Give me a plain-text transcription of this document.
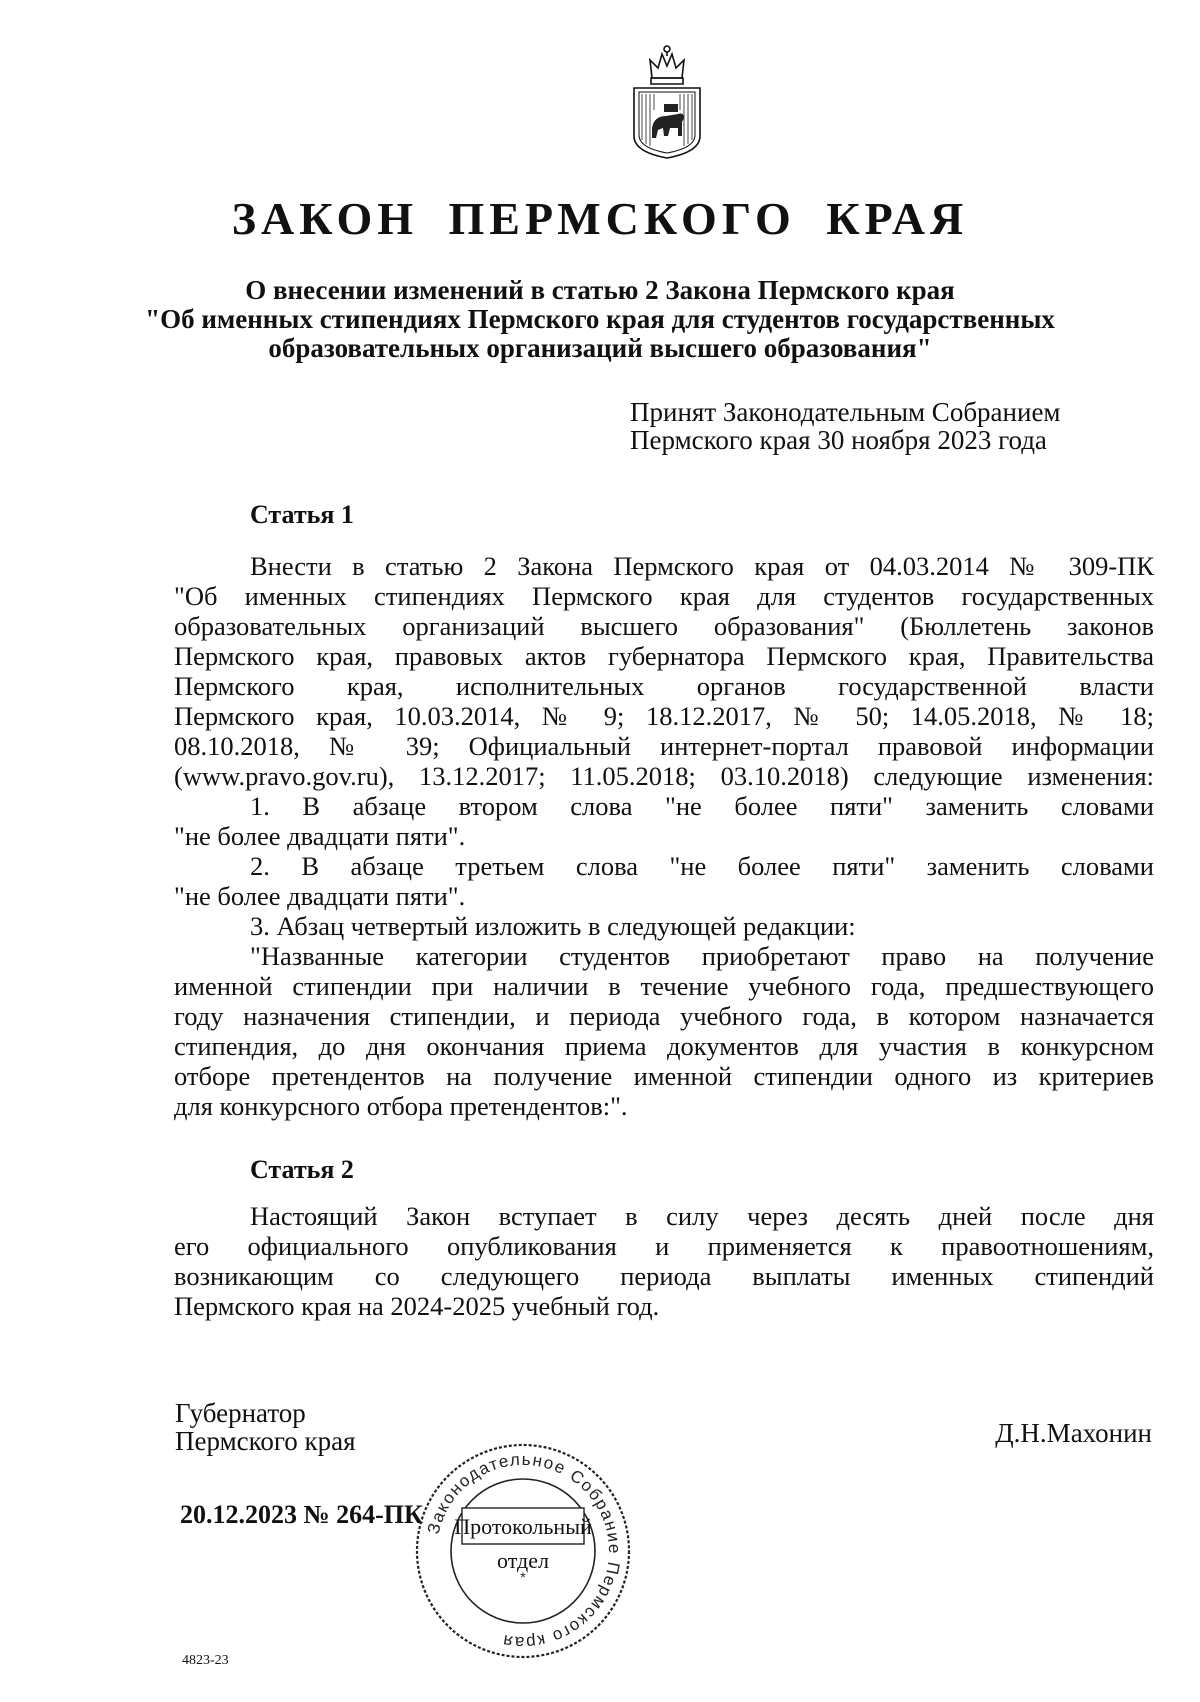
ЗАКОН ПЕРМСКОГО КРАЯ
О внесении изменений в статью 2 Закона Пермского края
"Об именных стипендиях Пермского края для студентов государственных
образовательных организаций высшего образования"
Принят Законодательным Собранием
Пермского края 30 ноября 2023 года
Статья 1
Внести в статью 2 Закона Пермского края от 04.03.2014 № 309-ПК
"Об именных стипендиях Пермского края для студентов государственных
образовательных организаций высшего образования" (Бюллетень законов
Пермского края, правовых актов губернатора Пермского края, Правительства
Пермского края, исполнительных органов государственной власти
Пермского края, 10.03.2014, № 9; 18.12.2017, № 50; 14.05.2018, № 18;
08.10.2018, № 39; Официальный интернет-портал правовой информации
(www.pravo.gov.ru), 13.12.2017; 11.05.2018; 03.10.2018) следующие изменения:
1. В абзаце втором слова "не более пяти" заменить словами
"не более двадцати пяти".
2. В абзаце третьем слова "не более пяти" заменить словами
"не более двадцати пяти".
3. Абзац четвертый изложить в следующей редакции:
"Названные категории студентов приобретают право на получение
именной стипендии при наличии в течение учебного года, предшествующего
году назначения стипендии, и периода учебного года, в котором назначается
стипендия, до дня окончания приема документов для участия в конкурсном
отборе претендентов на получение именной стипендии одного из критериев
для конкурсного отбора претендентов:".
Статья 2
Настоящий Закон вступает в силу через десять дней после дня
его официального опубликования и применяется к правоотношениям,
возникающим со следующего периода выплаты именных стипендий
Пермского края на 2024-2025 учебный год.
Губернатор
Пермского края	Д.Н.Махонин
20.12.2023 № 264-ПК Законодательное Собрание Пермского края
*
Протокольный
отдел
4823-23
